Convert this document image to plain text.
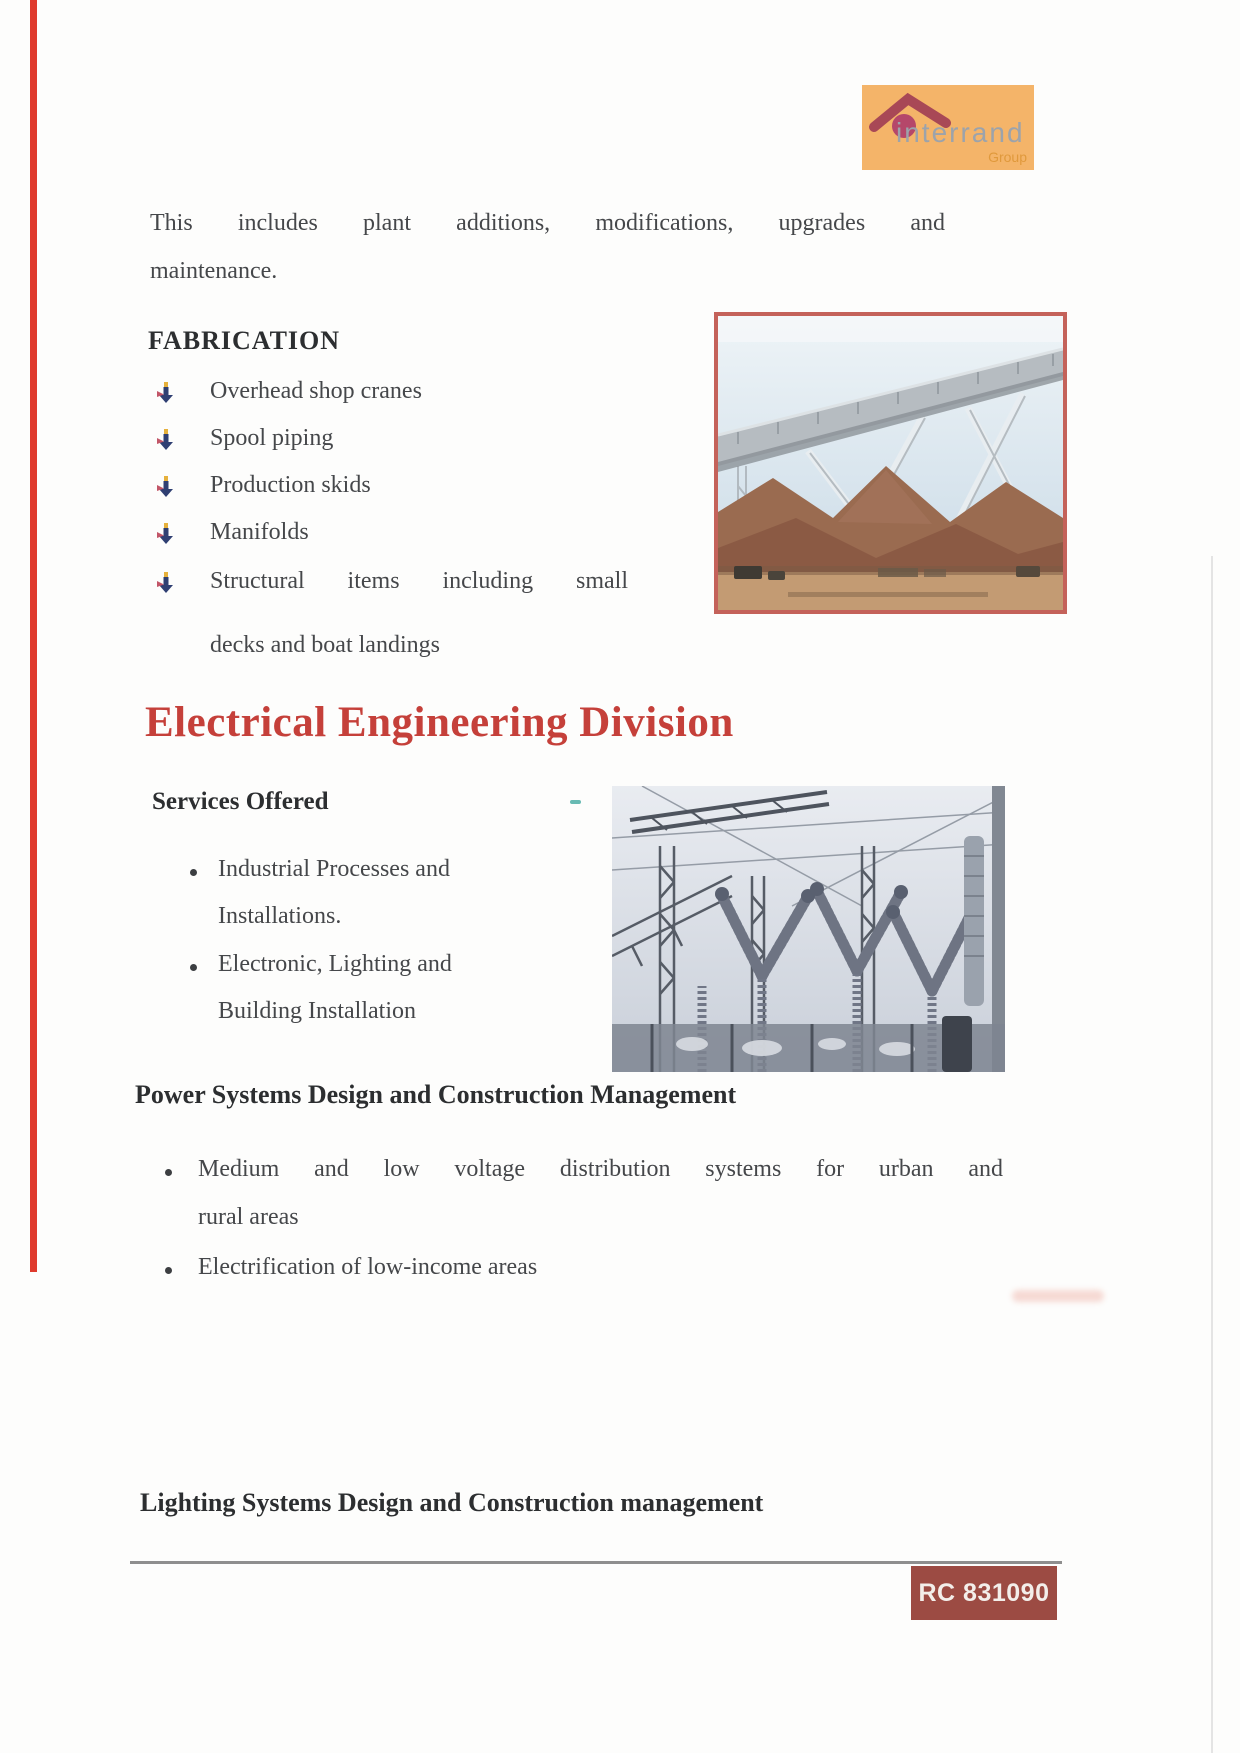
interrand
Group
This includes plant additions, modifications, upgrades and
maintenance.
FABRICATION
Overhead shop cranes
Spool piping
Production skids
Manifolds
Structural items including small
decks and boat landings
Electrical Engineering Division
Services Offered
Industrial Processes and
Installations.
Electronic, Lighting and
Building Installation
Power Systems Design and Construction Management
Medium and low voltage distribution systems for urban and
rural areas
Electrification of low-income areas
Lighting Systems Design and Construction management
RC 831090
